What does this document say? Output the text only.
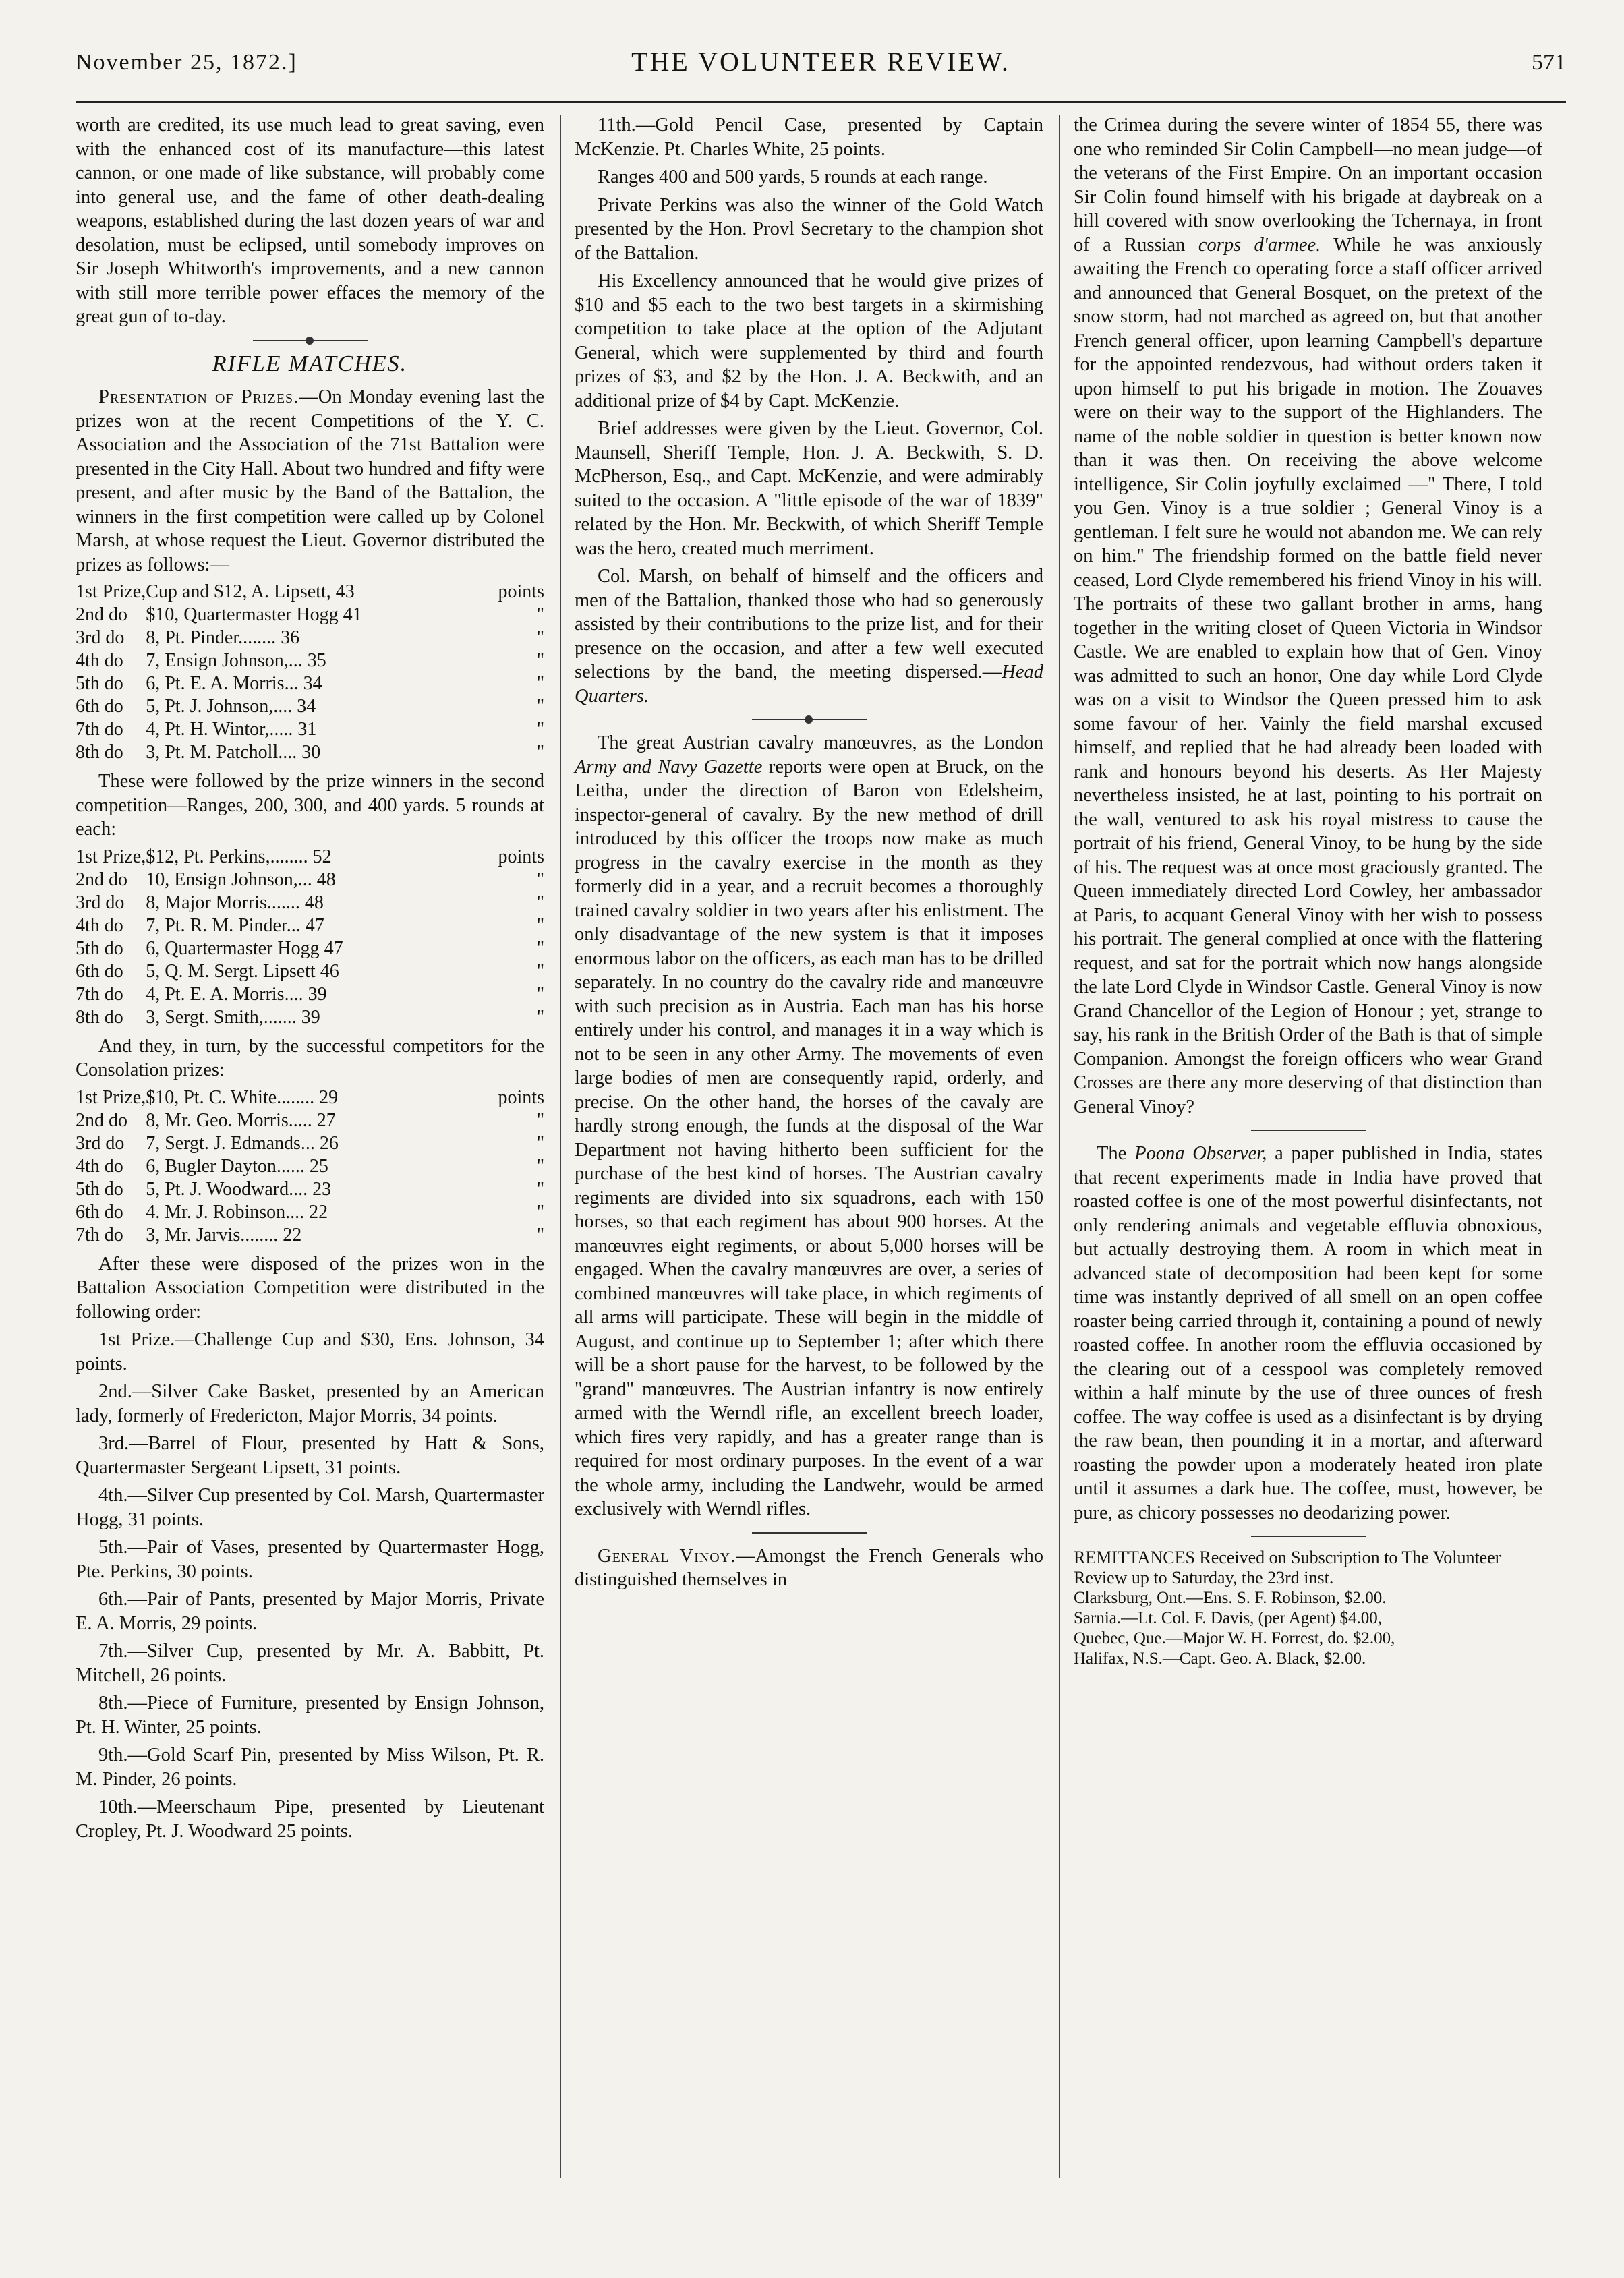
November 25, 1872.]	THE VOLUNTEER REVIEW.	571

worth are credited, its use much lead to great saving, even with the enhanced cost of its manufacture—this latest cannon, or one made of like substance, will probably come into general use, and the fame of other death-dealing weapons, established during the last dozen years of war and desolation, must be eclipsed, until somebody improves on Sir Joseph Whitworth's improvements, and a new cannon with still more terrible power effaces the memory of the great gun of to-day.

RIFLE MATCHES.

Presentation of Prizes.—On Monday evening last the prizes won at the recent Competitions of the Y. C. Association and the Association of the 71st Battalion were presented in the City Hall. About two hundred and fifty were present, and after music by the Band of the Battalion, the winners in the first competition were called up by Colonel Marsh, at whose request the Lieut. Governor distributed the prizes as follows:—

1st Prize,	Cup and $12, A. Lipsett, 43	points
2nd do	$10, Quartermaster Hogg 41	"
3rd do	8, Pt. Pinder........ 36	"
4th do	7, Ensign Johnson,... 35	"
5th do	6, Pt. E. A. Morris... 34	"
6th do	5, Pt. J. Johnson,.... 34	"
7th do	4, Pt. H. Wintor,..... 31	"
8th do	3, Pt. M. Patcholl.... 30	"

These were followed by the prize winners in the second competition—Ranges, 200, 300, and 400 yards. 5 rounds at each:

1st Prize,	$12, Pt. Perkins,........ 52	points
2nd do	10, Ensign Johnson,... 48	"
3rd do	8, Major Morris....... 48	"
4th do	7, Pt. R. M. Pinder... 47	"
5th do	6, Quartermaster Hogg 47	"
6th do	5, Q. M. Sergt. Lipsett 46	"
7th do	4, Pt. E. A. Morris.... 39	"
8th do	3, Sergt. Smith,....... 39	"

And they, in turn, by the successful competitors for the Consolation prizes:

1st Prize,	$10, Pt. C. White........ 29	points
2nd do	8, Mr. Geo. Morris..... 27	"
3rd do	7, Sergt. J. Edmands... 26	"
4th do	6, Bugler Dayton...... 25	"
5th do	5, Pt. J. Woodward.... 23	"
6th do	4. Mr. J. Robinson.... 22	"
7th do	3, Mr. Jarvis........ 22	"

After these were disposed of the prizes won in the Battalion Association Competition were distributed in the following order:

1st Prize.—Challenge Cup and $30, Ens. Johnson, 34 points.

2nd.—Silver Cake Basket, presented by an American lady, formerly of Fredericton, Major Morris, 34 points.

3rd.—Barrel of Flour, presented by Hatt & Sons, Quartermaster Sergeant Lipsett, 31 points.

4th.—Silver Cup presented by Col. Marsh, Quartermaster Hogg, 31 points.

5th.—Pair of Vases, presented by Quartermaster Hogg, Pte. Perkins, 30 points.

6th.—Pair of Pants, presented by Major Morris, Private E. A. Morris, 29 points.

7th.—Silver Cup, presented by Mr. A. Babbitt, Pt. Mitchell, 26 points.

8th.—Piece of Furniture, presented by Ensign Johnson, Pt. H. Winter, 25 points.

9th.—Gold Scarf Pin, presented by Miss Wilson, Pt. R. M. Pinder, 26 points.

10th.—Meerschaum Pipe, presented by Lieutenant Cropley, Pt. J. Woodward 25 points.

11th.—Gold Pencil Case, presented by Captain McKenzie. Pt. Charles White, 25 points.

Ranges 400 and 500 yards, 5 rounds at each range.

Private Perkins was also the winner of the Gold Watch presented by the Hon. Provl Secretary to the champion shot of the Battalion.

His Excellency announced that he would give prizes of $10 and $5 each to the two best targets in a skirmishing competition to take place at the option of the Adjutant General, which were supplemented by third and fourth prizes of $3, and $2 by the Hon. J. A. Beckwith, and an additional prize of $4 by Capt. McKenzie.

Brief addresses were given by the Lieut. Governor, Col. Maunsell, Sheriff Temple, Hon. J. A. Beckwith, S. D. McPherson, Esq., and Capt. McKenzie, and were admirably suited to the occasion. A "little episode of the war of 1839" related by the Hon. Mr. Beckwith, of which Sheriff Temple was the hero, created much merriment.

Col. Marsh, on behalf of himself and the officers and men of the Battalion, thanked those who had so generously assisted by their contributions to the prize list, and for their presence on the occasion, and after a few well executed selections by the band, the meeting dispersed.—Head Quarters.

The great Austrian cavalry manœuvres, as the London Army and Navy Gazette reports were open at Bruck, on the Leitha, under the direction of Baron von Edelsheim, inspector-general of cavalry. By the new method of drill introduced by this officer the troops now make as much progress in the cavalry exercise in the month as they formerly did in a year, and a recruit becomes a thoroughly trained cavalry soldier in two years after his enlistment. The only disadvantage of the new system is that it imposes enormous labor on the officers, as each man has to be drilled separately. In no country do the cavalry ride and manœuvre with such precision as in Austria. Each man has his horse entirely under his control, and manages it in a way which is not to be seen in any other Army. The movements of even large bodies of men are consequently rapid, orderly, and precise. On the other hand, the horses of the cavaly are hardly strong enough, the funds at the disposal of the War Department not having hitherto been sufficient for the purchase of the best kind of horses. The Austrian cavalry regiments are divided into six squadrons, each with 150 horses, so that each regiment has about 900 horses. At the manœuvres eight regiments, or about 5,000 horses will be engaged. When the cavalry manœuvres are over, a series of combined manœuvres will take place, in which regiments of all arms will participate. These will begin in the middle of August, and continue up to September 1; after which there will be a short pause for the harvest, to be followed by the "grand" manœuvres. The Austrian infantry is now entirely armed with the Werndl rifle, an excellent breech loader, which fires very rapidly, and has a greater range than is required for most ordinary purposes. In the event of a war the whole army, including the Landwehr, would be armed exclusively with Werndl rifles.

General Vinoy.—Amongst the French Generals who distinguished themselves in

the Crimea during the severe winter of 1854 55, there was one who reminded Sir Colin Campbell—no mean judge—of the veterans of the First Empire. On an important occasion Sir Colin found himself with his brigade at daybreak on a hill covered with snow overlooking the Tchernaya, in front of a Russian corps d'armee. While he was anxiously awaiting the French co operating force a staff officer arrived and announced that General Bosquet, on the pretext of the snow storm, had not marched as agreed on, but that another French general officer, upon learning Campbell's departure for the appointed rendezvous, had without orders taken it upon himself to put his brigade in motion. The Zouaves were on their way to the support of the Highlanders. The name of the noble soldier in question is better known now than it was then. On receiving the above welcome intelligence, Sir Colin joyfully exclaimed —" There, I told you Gen. Vinoy is a true soldier ; General Vinoy is a gentleman. I felt sure he would not abandon me. We can rely on him." The friendship formed on the battle field never ceased, Lord Clyde remembered his friend Vinoy in his will. The portraits of these two gallant brother in arms, hang together in the writing closet of Queen Victoria in Windsor Castle. We are enabled to explain how that of Gen. Vinoy was admitted to such an honor, One day while Lord Clyde was on a visit to Windsor the Queen pressed him to ask some favour of her. Vainly the field marshal excused himself, and replied that he had already been loaded with rank and honours beyond his deserts. As Her Majesty nevertheless insisted, he at last, pointing to his portrait on the wall, ventured to ask his royal mistress to cause the portrait of his friend, General Vinoy, to be hung by the side of his. The request was at once most graciously granted. The Queen immediately directed Lord Cowley, her ambassador at Paris, to acquant General Vinoy with her wish to possess his portrait. The general complied at once with the flattering request, and sat for the portrait which now hangs alongside the late Lord Clyde in Windsor Castle. General Vinoy is now Grand Chancellor of the Legion of Honour ; yet, strange to say, his rank in the British Order of the Bath is that of simple Companion. Amongst the foreign officers who wear Grand Crosses are there any more deserving of that distinction than General Vinoy?

The Poona Observer, a paper published in India, states that recent experiments made in India have proved that roasted coffee is one of the most powerful disinfectants, not only rendering animals and vegetable effluvia obnoxious, but actually destroying them. A room in which meat in advanced state of decomposition had been kept for some time was instantly deprived of all smell on an open coffee roaster being carried through it, containing a pound of newly roasted coffee. In another room the effluvia occasioned by the clearing out of a cesspool was completely removed within a half minute by the use of three ounces of fresh coffee. The way coffee is used as a disinfectant is by drying the raw bean, then pounding it in a mortar, and afterward roasting the powder upon a moderately heated iron plate until it assumes a dark hue. The coffee, must, however, be pure, as chicory possesses no deodarizing power.

REMITTANCES Received on Subscription to The Volunteer Review up to Saturday, the 23rd inst.
Clarksburg, Ont.—Ens. S. F. Robinson, $2.00.
Sarnia.—Lt. Col. F. Davis, (per Agent) $4.00,
Quebec, Que.—Major W. H. Forrest, do. $2.00,
Halifax, N.S.—Capt. Geo. A. Black, $2.00.
